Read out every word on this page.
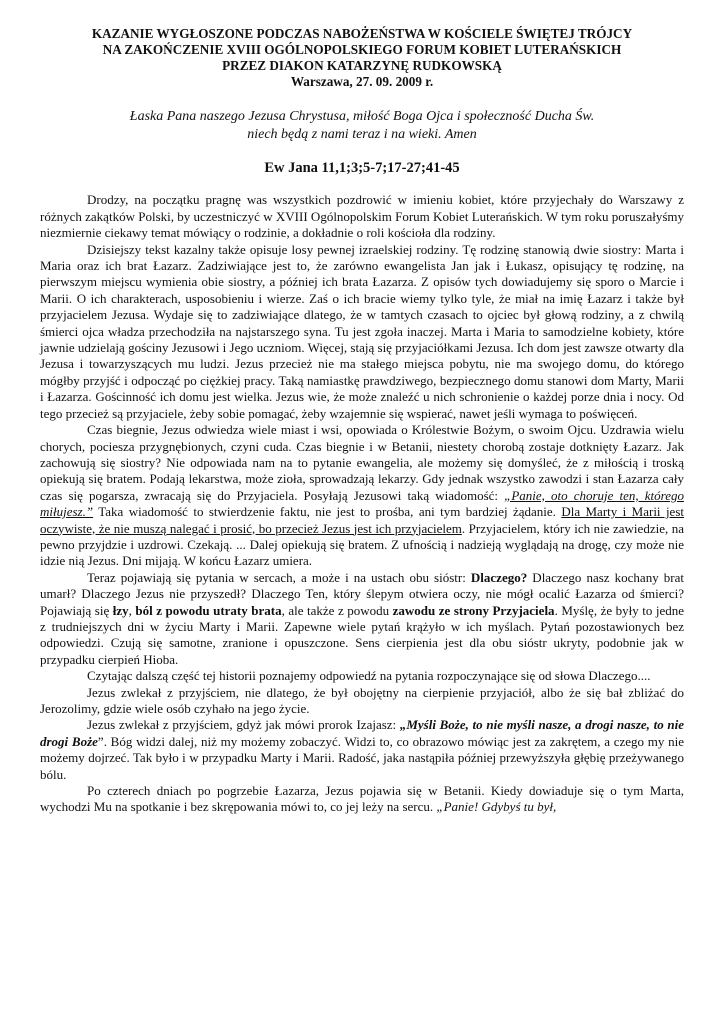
KAZANIE WYGŁOSZONE PODCZAS NABOŻEŃSTWA W KOŚCIELE ŚWIĘTEJ TRÓJCY
NA ZAKOŃCZENIE XVIII OGÓLNOPOLSKIEGO FORUM KOBIET LUTERAŃSKICH
PRZEZ DIAKON KATARZYNĘ RUDKOWSKĄ
Warszawa, 27. 09. 2009 r.
Łaska Pana naszego Jezusa Chrystusa, miłość Boga Ojca i społeczność Ducha Św.
niech będą z nami teraz i na wieki. Amen
Ew Jana 11,1;3;5-7;17-27;41-45

Drodzy, na początku pragnę was wszystkich pozdrowić w imieniu kobiet, które przyjechały do Warszawy z różnych zakątków Polski, by uczestniczyć w XVIII Ogólnopolskim Forum Kobiet Luterańskich. W tym roku poruszałyśmy niezmiernie ciekawy temat mówiący o rodzinie, a dokładnie o roli kościoła dla rodziny.

Dzisiejszy tekst kazalny także opisuje losy pewnej izraelskiej rodziny. Tę rodzinę stanowią dwie siostry: Marta i Maria oraz ich brat Łazarz. Zadziwiające jest to, że zarówno ewangelista Jan jak i Łukasz, opisujący tę rodzinę, na pierwszym miejscu wymienia obie siostry, a później ich brata Łazarza. Z opisów tych dowiadujemy się sporo o Marcie i Marii. O ich charakterach, usposobieniu i wierze. Zaś o ich bracie wiemy tylko tyle, że miał na imię Łazarz i także był przyjacielem Jezusa. Wydaje się to zadziwiające dlatego, że w tamtych czasach to ojciec był głową rodziny, a z chwilą śmierci ojca władza przechodziła na najstarszego syna. Tu jest zgoła inaczej. Marta i Maria to samodzielne kobiety, które jawnie udzielają gościny Jezusowi i Jego uczniom. Więcej, stają się przyjaciółkami Jezusa. Ich dom jest zawsze otwarty dla Jezusa i towarzyszących mu ludzi. Jezus przecież nie ma stałego miejsca pobytu, nie ma swojego domu, do którego mógłby przyjść i odpocząć po ciężkiej pracy. Taką namiastkę prawdziwego, bezpiecznego domu stanowi dom Marty, Marii i Łazarza. Gościnność ich domu jest wielka. Jezus wie, że może znaleźć u nich schronienie o każdej porze dnia i nocy. Od tego przecież są przyjaciele, żeby sobie pomagać, żeby wzajemnie się wspierać, nawet jeśli wymaga to poświęceń.

Czas biegnie, Jezus odwiedza wiele miast i wsi, opowiada o Królestwie Bożym, o swoim Ojcu. Uzdrawia wielu chorych, pociesza przygnębionych, czyni cuda. Czas biegnie i w Betanii, niestety chorobą zostaje dotknięty Łazarz. Jak zachowują się siostry? Nie odpowiada nam na to pytanie ewangelia, ale możemy się domyśleć, że z miłością i troską opiekują się bratem. Podają lekarstwa, może zioła, sprowadzają lekarzy. Gdy jednak wszystko zawodzi i stan Łazarza cały czas się pogarsza, zwracają się do Przyjaciela. Posyłają Jezusowi taką wiadomość: „Panie, oto choruje ten, którego miłujesz.” Taka wiadomość to stwierdzenie faktu, nie jest to prośba, ani tym bardziej żądanie. Dla Marty i Marii jest oczywiste, że nie muszą nalegać i prosić, bo przecież Jezus jest ich przyjacielem. Przyjacielem, który ich nie zawiedzie, na pewno przyjdzie i uzdrowi. Czekają. ... Dalej opiekują się bratem. Z ufnością i nadzieją wyglądają na drogę, czy może nie idzie nią Jezus. Dni mijają. W końcu Łazarz umiera.

Teraz pojawiają się pytania w sercach, a może i na ustach obu sióstr: Dlaczego? Dlaczego nasz kochany brat umarł? Dlaczego Jezus nie przyszedł? Dlaczego Ten, który ślepym otwiera oczy, nie mógł ocalić Łazarza od śmierci? Pojawiają się łzy, ból z powodu utraty brata, ale także z powodu zawodu ze strony Przyjaciela. Myślę, że były to jedne z trudniejszych dni w życiu Marty i Marii. Zapewne wiele pytań krążyło w ich myślach. Pytań pozostawionych bez odpowiedzi. Czują się samotne, zranione i opuszczone. Sens cierpienia jest dla obu sióstr ukryty, podobnie jak w przypadku cierpień Hioba.

Czytając dalszą część tej historii poznajemy odpowiedź na pytania rozpoczynające się od słowa Dlaczego....

Jezus zwlekał z przyjściem, nie dlatego, że był obojętny na cierpienie przyjaciół, albo że się bał zbliżać do Jerozolimy, gdzie wiele osób czyhało na jego życie.

Jezus zwlekał z przyjściem, gdyż jak mówi prorok Izajasz: „Myśli Boże, to nie myśli nasze, a drogi nasze, to nie drogi Boże”. Bóg widzi dalej, niż my możemy zobaczyć. Widzi to, co obrazowo mówiąc jest za zakrętem, a czego my nie możemy dojrzeć. Tak było i w przypadku Marty i Marii. Radość, jaka nastąpiła później przewyższyła głębię przeżywanego bólu.

Po czterech dniach po pogrzebie Łazarza, Jezus pojawia się w Betanii. Kiedy dowiaduje się o tym Marta, wychodzi Mu na spotkanie i bez skrępowania mówi to, co jej leży na sercu. „Panie! Gdybyś tu był,
